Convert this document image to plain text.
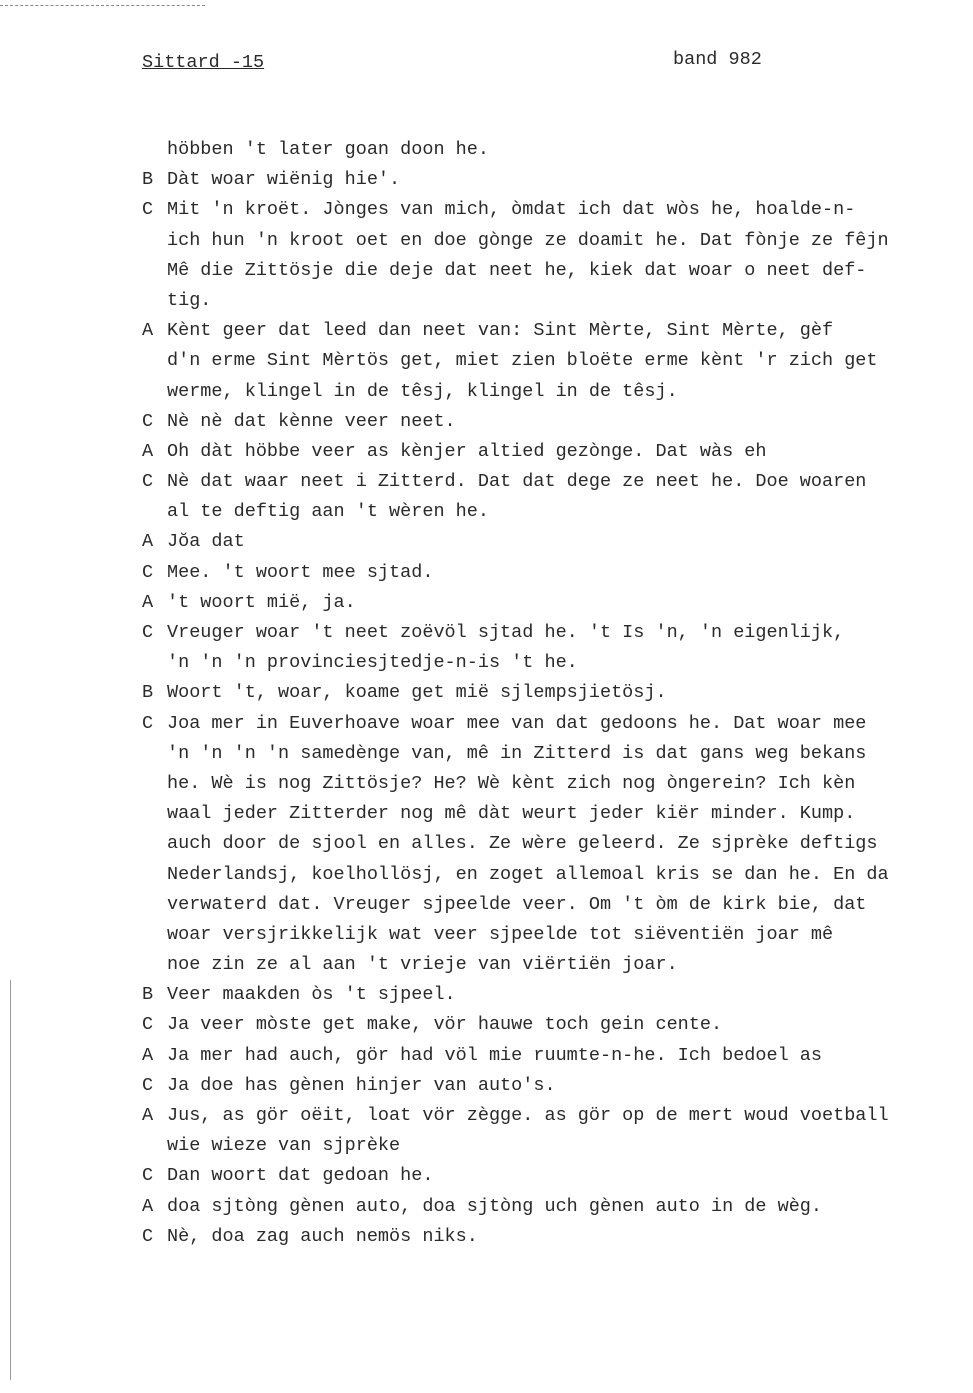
Sittard -15	band 982
höbben 't later goan doon he.
B Dàt woar wiënig hie'.
C Mit 'n kroët. Jònges van mich, òmdat ich dat wòs he, hoalde-n-
ich hun 'n kroot oet en doe gònge ze doamit he. Dat fònje ze fêjn
Mê die Zittösje die deje dat neet he, kiek dat woar o neet def-
tig.
A Kènt geer dat leed dan neet van: Sint Mèrte, Sint Mèrte, gèf
d'n erme Sint Mèrtös get, miet zien bloëte erme kènt 'r zich get
werme, klingel in de têsj, klingel in de têsj.
C Nè nè dat kènne veer neet.
A Oh dàt höbbe veer as kènjer altied gezònge. Dat wàs eh
C Nè dat waar neet i Zitterd. Dat dat dege ze neet he. Doe woaren
al te deftig aan 't wèren he.
A Jŏa dat
C Mee. 't woort mee sjtad.
A 't woort mië, ja.
C Vreuger woar 't neet zoëvöl sjtad he. 't Is 'n, 'n eigenlijk,
'n 'n 'n provinciesjtedje-n-is 't he.
B Woort 't, woar, koame get mië sjlempsjietösj.
C Joa mer in Euverhoave woar mee van dat gedoons he. Dat woar mee
'n 'n 'n 'n samedènge van, mê in Zitterd is dat gans weg bekans
he. Wè is nog Zittösje? He? Wè kènt zich nog òngerein? Ich kèn
waal jeder Zitterder nog mê dàt weurt jeder kiër minder. Kump.
auch door de sjool en alles. Ze wère geleerd. Ze sjprèke deftigs
Nederlandsj, koelhollösj, en zoget allemoal kris se dan he. En da
verwaterd dat. Vreuger sjpeelde veer. Om 't òm de kirk bie, dat
woar versjrikkelijk wat veer sjpeelde tot siëventiën joar mê
noe zin ze al aan 't vrieje van viërtiën joar.
B Veer maakden òs 't sjpeel.
C Ja veer mòste get make, vör hauwe toch gein cente.
A Ja mer had auch, gör had völ mie ruumte-n-he. Ich bedoel as
C Ja doe has gènen hinjer van auto's.
A Jus, as gör oëit, loat vör zègge. as gör op de mert woud voetball
wie wieze van sjprèke
C Dan woort dat gedoan he.
A doa sjtòng gènen auto, doa sjtòng uch gènen auto in de wèg.
C Nè, doa zag auch nemös niks.
